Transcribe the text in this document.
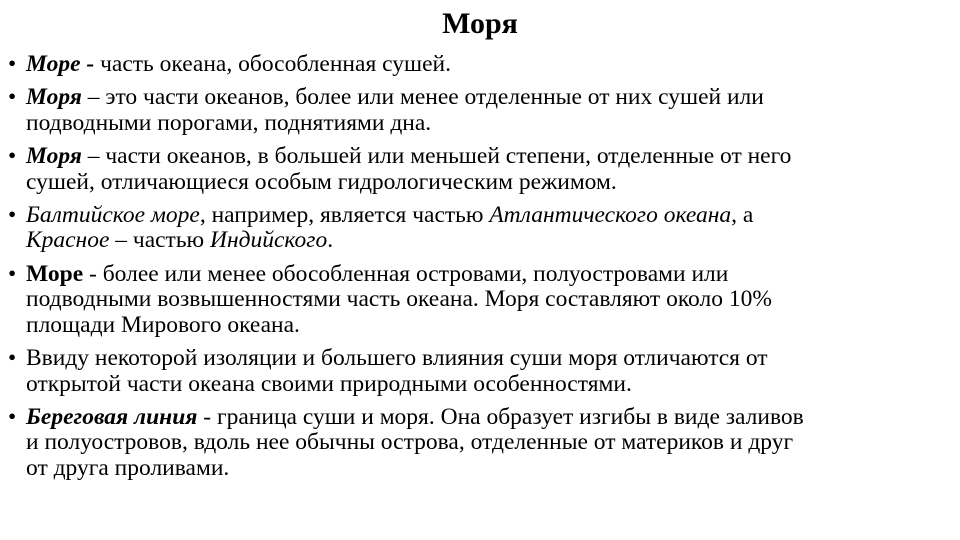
Моря
• Море - часть океана, обособленная сушей.
• Моря – это части океанов, более или менее отделенные от них сушей или
подводными порогами, поднятиями дна.
• Моря – части океанов, в большей или меньшей степени, отделенные от него
сушей, отличающиеся особым гидрологическим режимом.
• Балтийское море, например, является частью Атлантического океана, а
Красное – частью Индийского.
• Море - более или менее обособленная островами, полуостровами или
подводными возвышенностями часть океана. Моря составляют около 10%
площади Мирового океана.
• Ввиду некоторой изоляции и большего влияния суши моря отличаются от
открытой части океана своими природными особенностями.
• Береговая линия - граница суши и моря. Она образует изгибы в виде заливов
и полуостровов, вдоль нее обычны острова, отделенные от материков и друг
от друга проливами.
